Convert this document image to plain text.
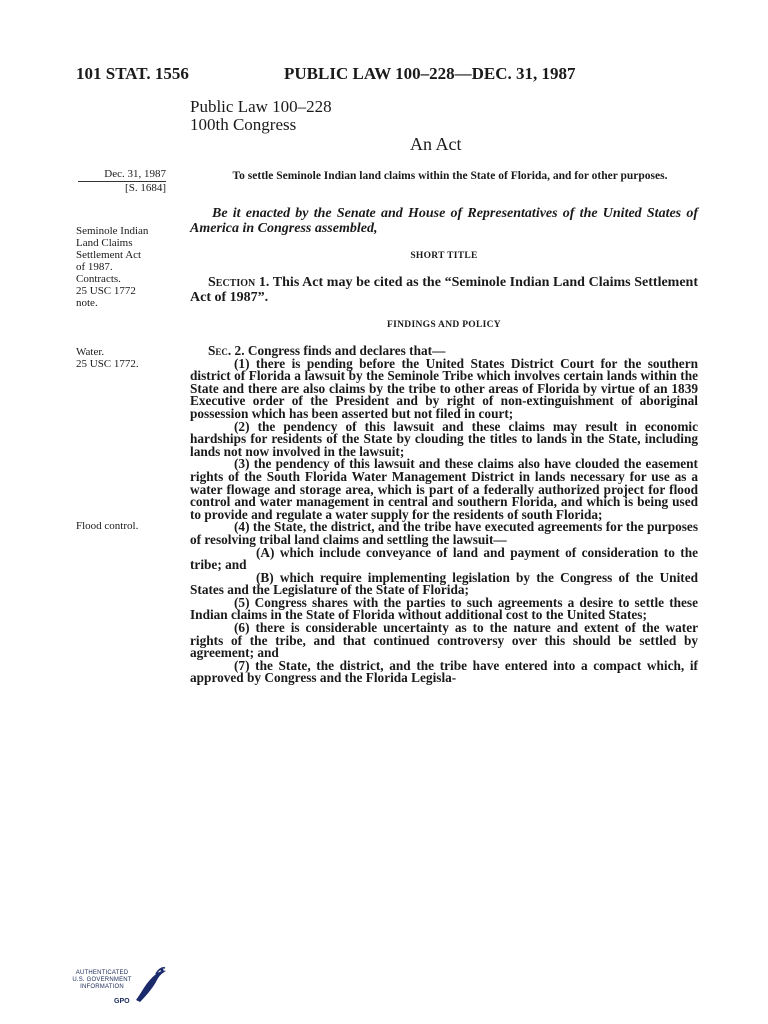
101 STAT. 1556	PUBLIC LAW 100–228—DEC. 31, 1987
Public Law 100–228
100th Congress
An Act
Dec. 31, 1987
[S. 1684]
Seminole Indian
Land Claims
Settlement Act
of 1987.
Contracts.
25 USC 1772
note.
Water.
25 USC 1772.
Flood control.
To settle Seminole Indian land claims within the State of Florida, and for other purposes.
Be it enacted by the Senate and House of Representatives of the United States of America in Congress assembled,
SHORT TITLE
Section 1. This Act may be cited as the “Seminole Indian Land Claims Settlement Act of 1987”.
FINDINGS AND POLICY

Sec. 2. Congress finds and declares that—

(1) there is pending before the United States District Court for the southern district of Florida a lawsuit by the Seminole Tribe which involves certain lands within the State and there are also claims by the tribe to other areas of Florida by virtue of an 1839 Executive order of the President and by right of non-extinguishment of aboriginal possession which has been asserted but not filed in court;

(2) the pendency of this lawsuit and these claims may result in economic hardships for residents of the State by clouding the titles to lands in the State, including lands not now involved in the lawsuit;

(3) the pendency of this lawsuit and these claims also have clouded the easement rights of the South Florida Water Management District in lands necessary for use as a water flowage and storage area, which is part of a federally authorized project for flood control and water management in central and southern Florida, and which is being used to provide and regulate a water supply for the residents of south Florida;

(4) the State, the district, and the tribe have executed agreements for the purposes of resolving tribal land claims and settling the lawsuit—

(A) which include conveyance of land and payment of consideration to the tribe; and

(B) which require implementing legislation by the Congress of the United States and the Legislature of the State of Florida;

(5) Congress shares with the parties to such agreements a desire to settle these Indian claims in the State of Florida without additional cost to the United States;

(6) there is considerable uncertainty as to the nature and extent of the water rights of the tribe, and that continued controversy over this should be settled by agreement; and

(7) the State, the district, and the tribe have entered into a compact which, if approved by Congress and the Florida Legisla-

AUTHENTICATED
U.S. GOVERNMENT
INFORMATION
GPO
